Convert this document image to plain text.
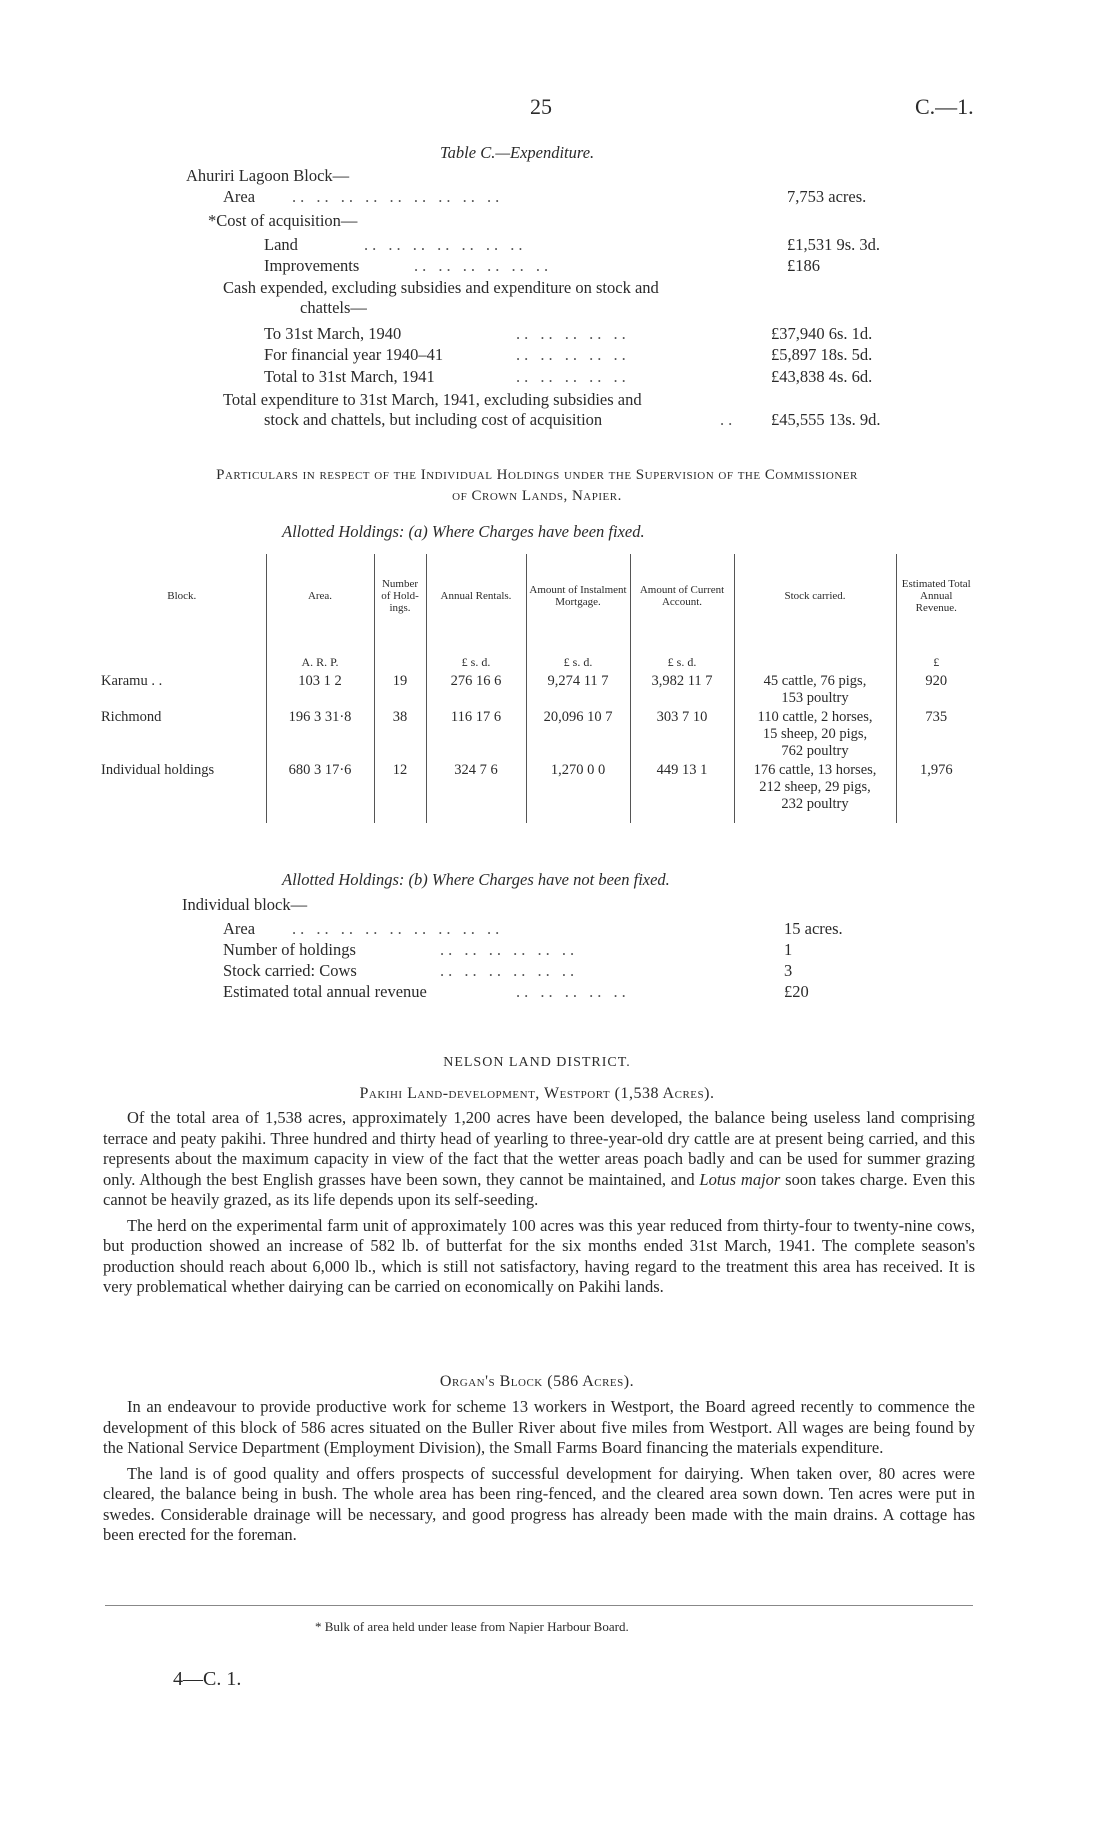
25	C.—1.
Table C.—Expenditure.
Ahuriri Lagoon Block—
Area .. .. .. .. .. .. .. .. ..	7,753 acres.
*Cost of acquisition—
Land	.. .. .. .. .. .. ..	£1,531 9s. 3d.
Improvements	.. .. .. .. .. ..	£186
Cash expended, excluding subsidies and expenditure on stock and
chattels—
To 31st March, 1940	.. .. .. .. ..	£37,940 6s. 1d.
For financial year 1940–41	.. .. .. .. ..	£5,897 18s. 5d.
Total to 31st March, 1941	.. .. .. .. ..	£43,838 4s. 6d.
Total expenditure to 31st March, 1941, excluding subsidies and
stock and chattels, but including cost of acquisition	.. £45,555 13s. 9d.
Particulars in respect of the Individual Holdings under the Supervision of the Commissioner
of Crown Lands, Napier.
Allotted Holdings: (a) Where Charges have been fixed.
Block.	Area.	Number of Hold-ings.	Annual Rentals.	Amount of Instalment Mortgage.	Amount of Current Account.	Stock carried.	Estimated Total Annual Revenue.
	A. R. P.		£ s. d.	£ s. d.	£ s. d.		£
Karamu . .	103 1 2	19	276 16 6	9,274 11 7	3,982 11 7	45 cattle, 76 pigs,
153 poultry	920
Richmond	196 3 31·8	38	116 17 6	20,096 10 7	303 7 10	110 cattle, 2 horses,
15 sheep, 20 pigs,
762 poultry	735
Individual holdings	680 3 17·6	12	324 7 6	1,270 0 0	449 13 1	176 cattle, 13 horses,
212 sheep, 29 pigs,
232 poultry	1,976

Allotted Holdings: (b) Where Charges have not been fixed.
Individual block—
Area .. .. .. .. .. .. .. .. ..	15 acres.
Number of holdings	.. .. .. .. .. ..	1
Stock carried: Cows	.. .. .. .. .. ..	3
Estimated total annual revenue	.. .. .. .. ..	£20
NELSON LAND DISTRICT.
Pakihi Land-development, Westport (1,538 Acres).

Of the total area of 1,538 acres, approximately 1,200 acres have been developed, the balance being useless land comprising terrace and peaty pakihi. Three hundred and thirty head of yearling to three-year-old dry cattle are at present being carried, and this represents about the maximum capacity in view of the fact that the wetter areas poach badly and can be used for summer grazing only. Although the best English grasses have been sown, they cannot be maintained, and Lotus major soon takes charge. Even this cannot be heavily grazed, as its life depends upon its self-seeding.

The herd on the experimental farm unit of approximately 100 acres was this year reduced from thirty-four to twenty-nine cows, but production showed an increase of 582 lb. of butterfat for the six months ended 31st March, 1941. The complete season's production should reach about 6,000 lb., which is still not satisfactory, having regard to the treatment this area has received. It is very problematical whether dairying can be carried on economically on Pakihi lands.

Organ's Block (586 Acres).

In an endeavour to provide productive work for scheme 13 workers in Westport, the Board agreed recently to commence the development of this block of 586 acres situated on the Buller River about five miles from Westport. All wages are being found by the National Service Department (Employment Division), the Small Farms Board financing the materials expenditure.

The land is of good quality and offers prospects of successful development for dairying. When taken over, 80 acres were cleared, the balance being in bush. The whole area has been ring-fenced, and the cleared area sown down. Ten acres were put in swedes. Considerable drainage will be necessary, and good progress has already been made with the main drains. A cottage has been erected for the foreman.

* Bulk of area held under lease from Napier Harbour Board.
4—C. 1.
